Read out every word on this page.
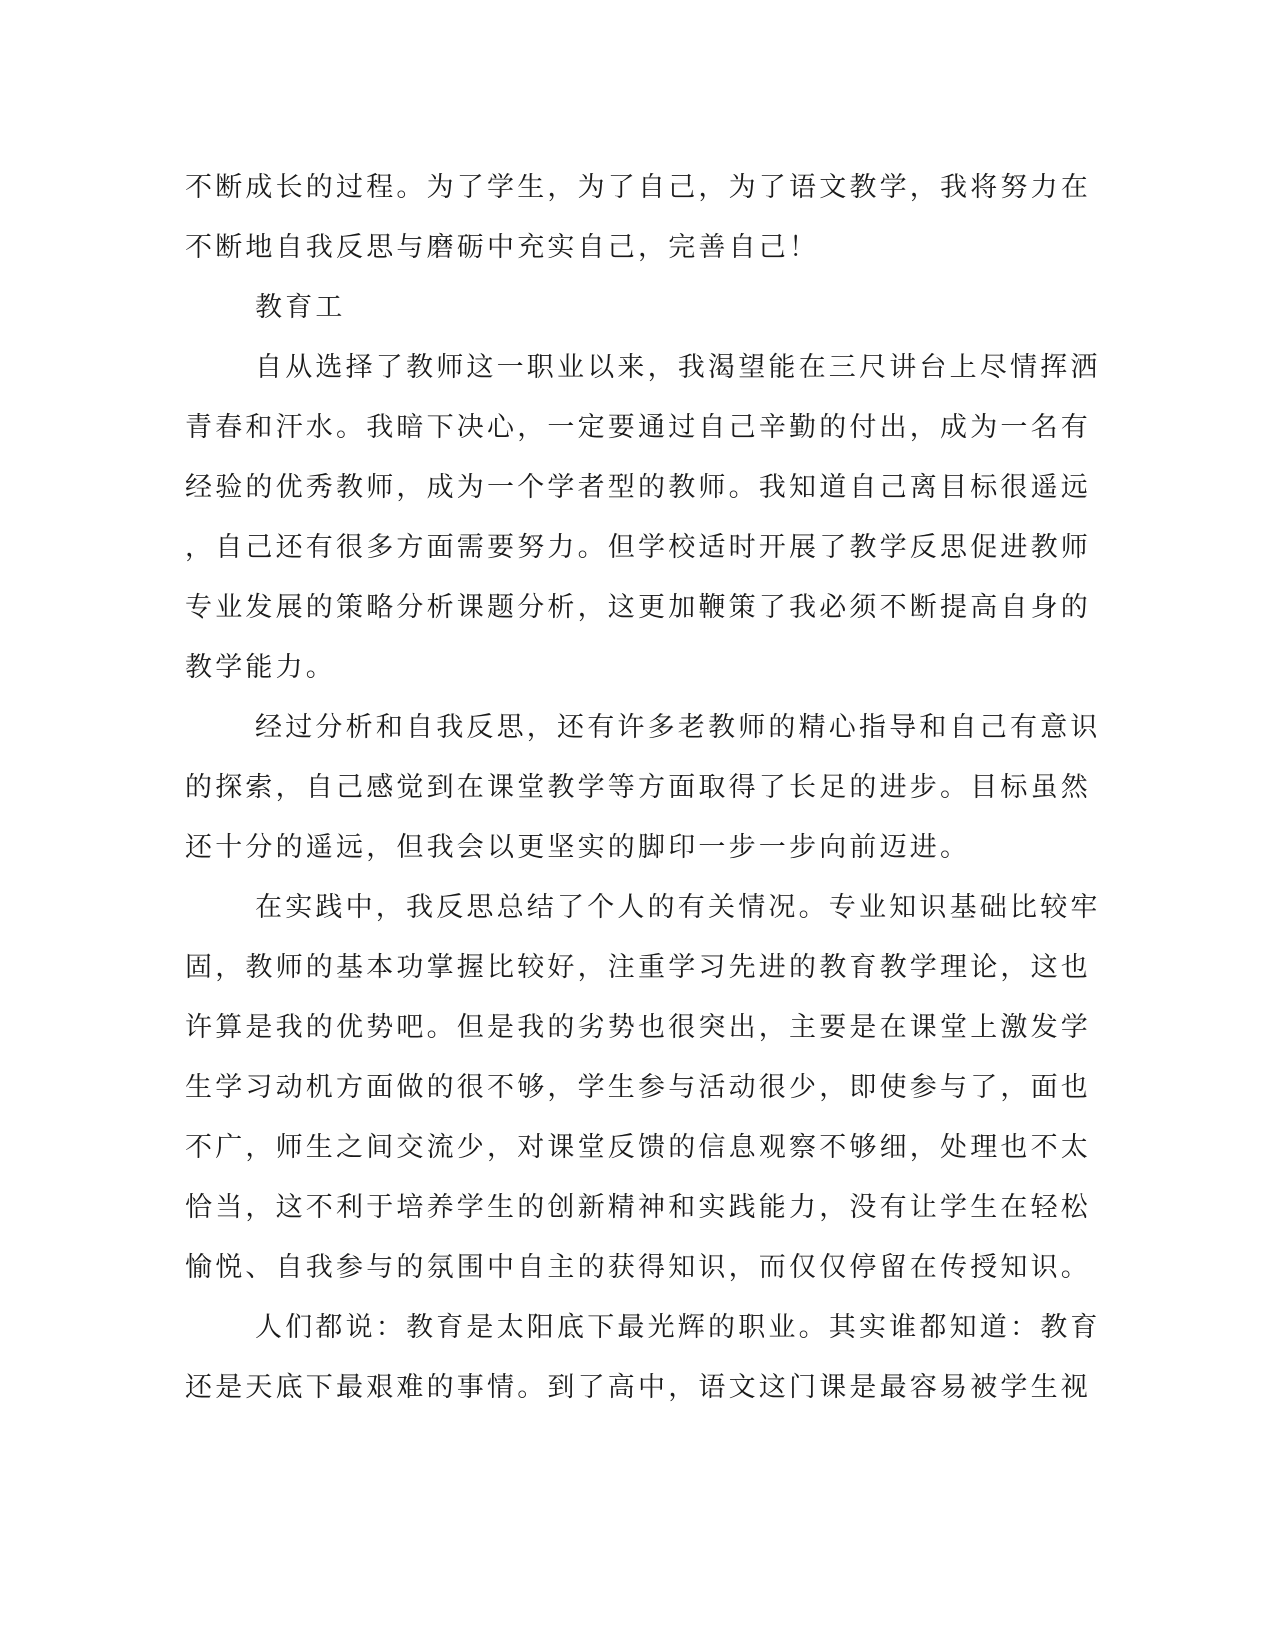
不断成长的过程。为了学生，为了自己，为了语文教学，我将努力在
不断地自我反思与磨砺中充实自己，完善自己！
教育工
自从选择了教师这一职业以来，我渴望能在三尺讲台上尽情挥洒
青春和汗水。我暗下决心，一定要通过自己辛勤的付出，成为一名有
经验的优秀教师，成为一个学者型的教师。我知道自己离目标很遥远
，自己还有很多方面需要努力。但学校适时开展了教学反思促进教师
专业发展的策略分析课题分析，这更加鞭策了我必须不断提高自身的
教学能力。
经过分析和自我反思，还有许多老教师的精心指导和自己有意识
的探索，自己感觉到在课堂教学等方面取得了长足的进步。目标虽然
还十分的遥远，但我会以更坚实的脚印一步一步向前迈进。
在实践中，我反思总结了个人的有关情况。专业知识基础比较牢
固，教师的基本功掌握比较好，注重学习先进的教育教学理论，这也
许算是我的优势吧。但是我的劣势也很突出，主要是在课堂上激发学
生学习动机方面做的很不够，学生参与活动很少，即使参与了，面也
不广，师生之间交流少，对课堂反馈的信息观察不够细，处理也不太
恰当，这不利于培养学生的创新精神和实践能力，没有让学生在轻松
愉悦、自我参与的氛围中自主的获得知识，而仅仅停留在传授知识。
人们都说：教育是太阳底下最光辉的职业。其实谁都知道：教育
还是天底下最艰难的事情。到了高中，语文这门课是最容易被学生视
